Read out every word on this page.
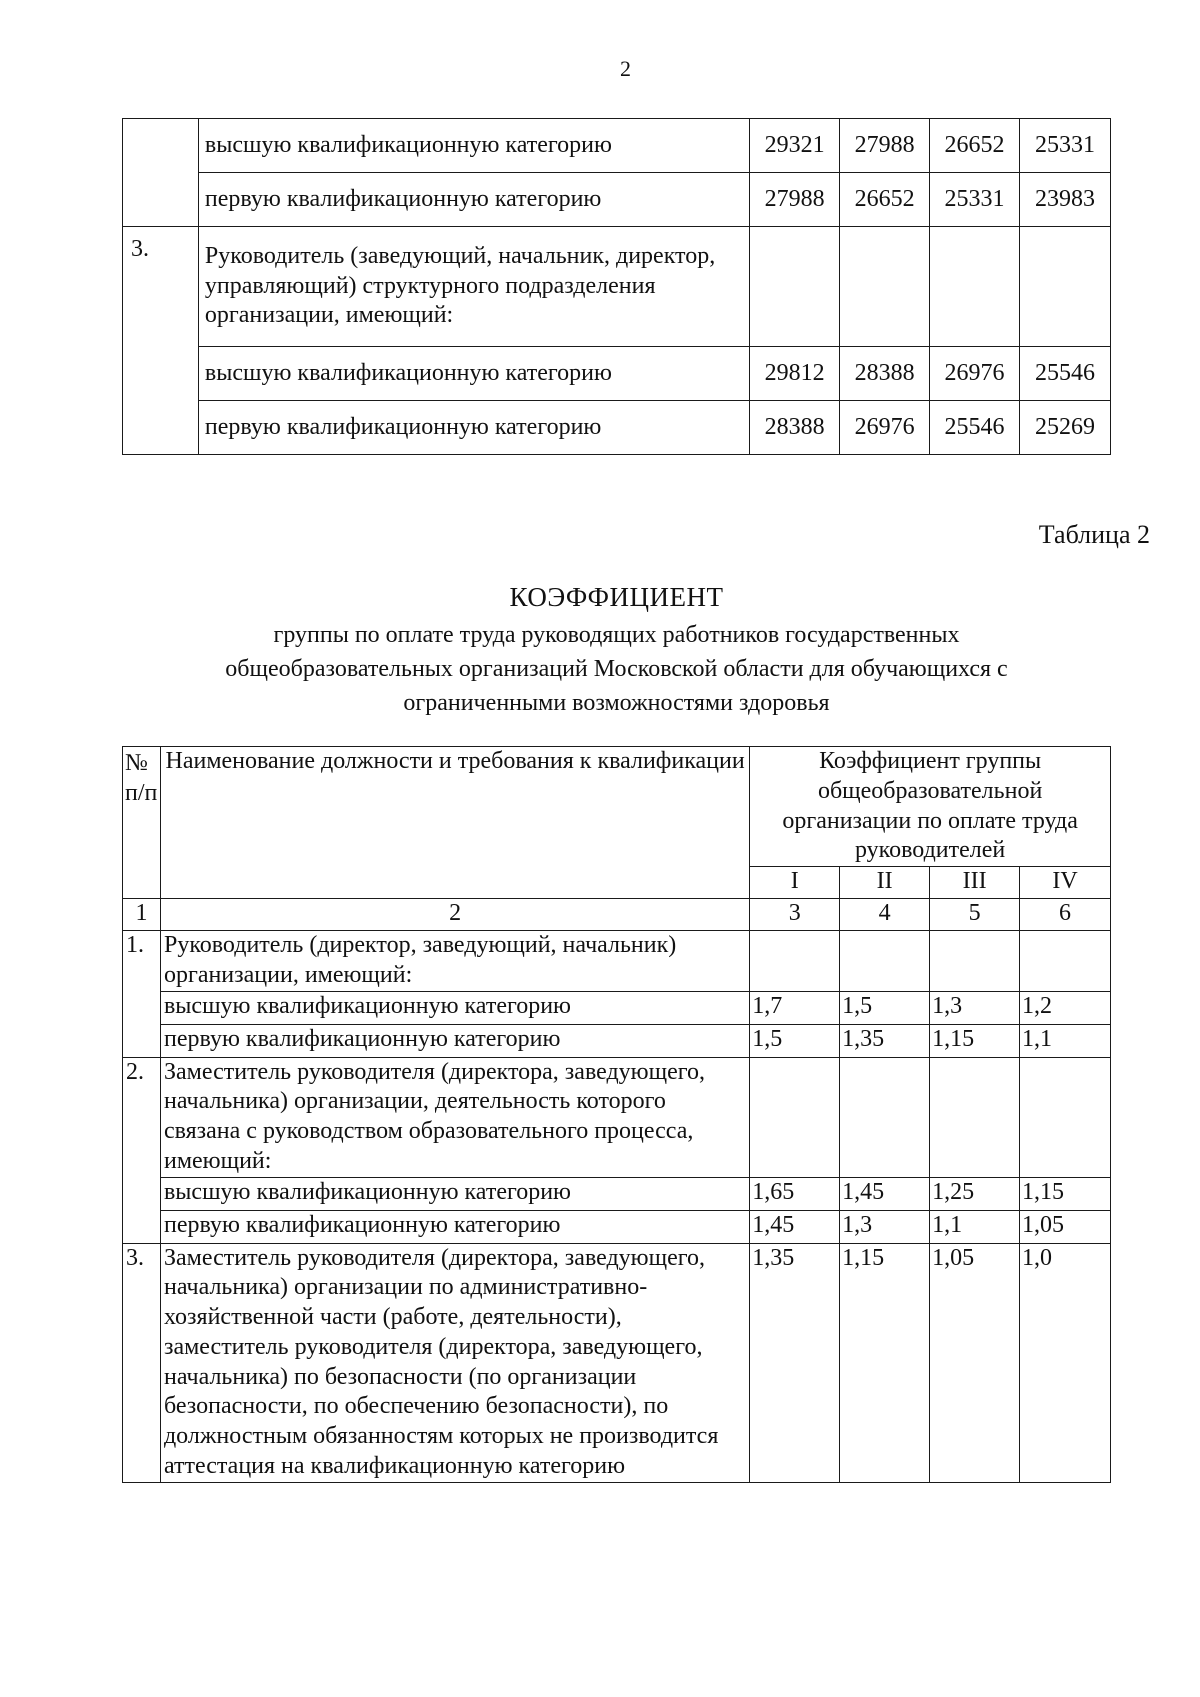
2
	высшую квалификационную категорию	29321	27988	26652	25331
	первую квалификационную категорию	27988	26652	25331	23983
3.	Руководитель (заведующий, начальник, директор, управляющий) структурного подразделения организации, имеющий:				
	высшую квалификационную категорию	29812	28388	26976	25546
	первую квалификационную категорию	28388	26976	25546	25269
Таблица 2
КОЭФФИЦИЕНТ
группы по оплате труда руководящих работников государственных
общеобразовательных организаций Московской области для обучающихся с
ограниченными возможностями здоровья
№ п/п	Наименование должности и требования к квалификации	Коэффициент группы общеобразовательной организации по оплате труда руководителей			
		I	II	III	IV
1	2	3	4	5	6
1.	Руководитель (директор, заведующий, начальник) организации, имеющий:				
	высшую квалификационную категорию	1,7	1,5	1,3	1,2
	первую квалификационную категорию	1,5	1,35	1,15	1,1
2.	Заместитель руководителя (директора, заведующего, начальника) организации, деятельность которого связана с руководством образовательного процесса, имеющий:				
	высшую квалификационную категорию	1,65	1,45	1,25	1,15
	первую квалификационную категорию	1,45	1,3	1,1	1,05
3.	Заместитель руководителя (директора, заведующего, начальника) организации по административно-хозяйственной части (работе, деятельности), заместитель руководителя (директора, заведующего, начальника) по безопасности (по организации безопасности, по обеспечению безопасности), по должностным обязанностям которых не производится аттестация на квалификационную категорию	1,35	1,15	1,05	1,0
